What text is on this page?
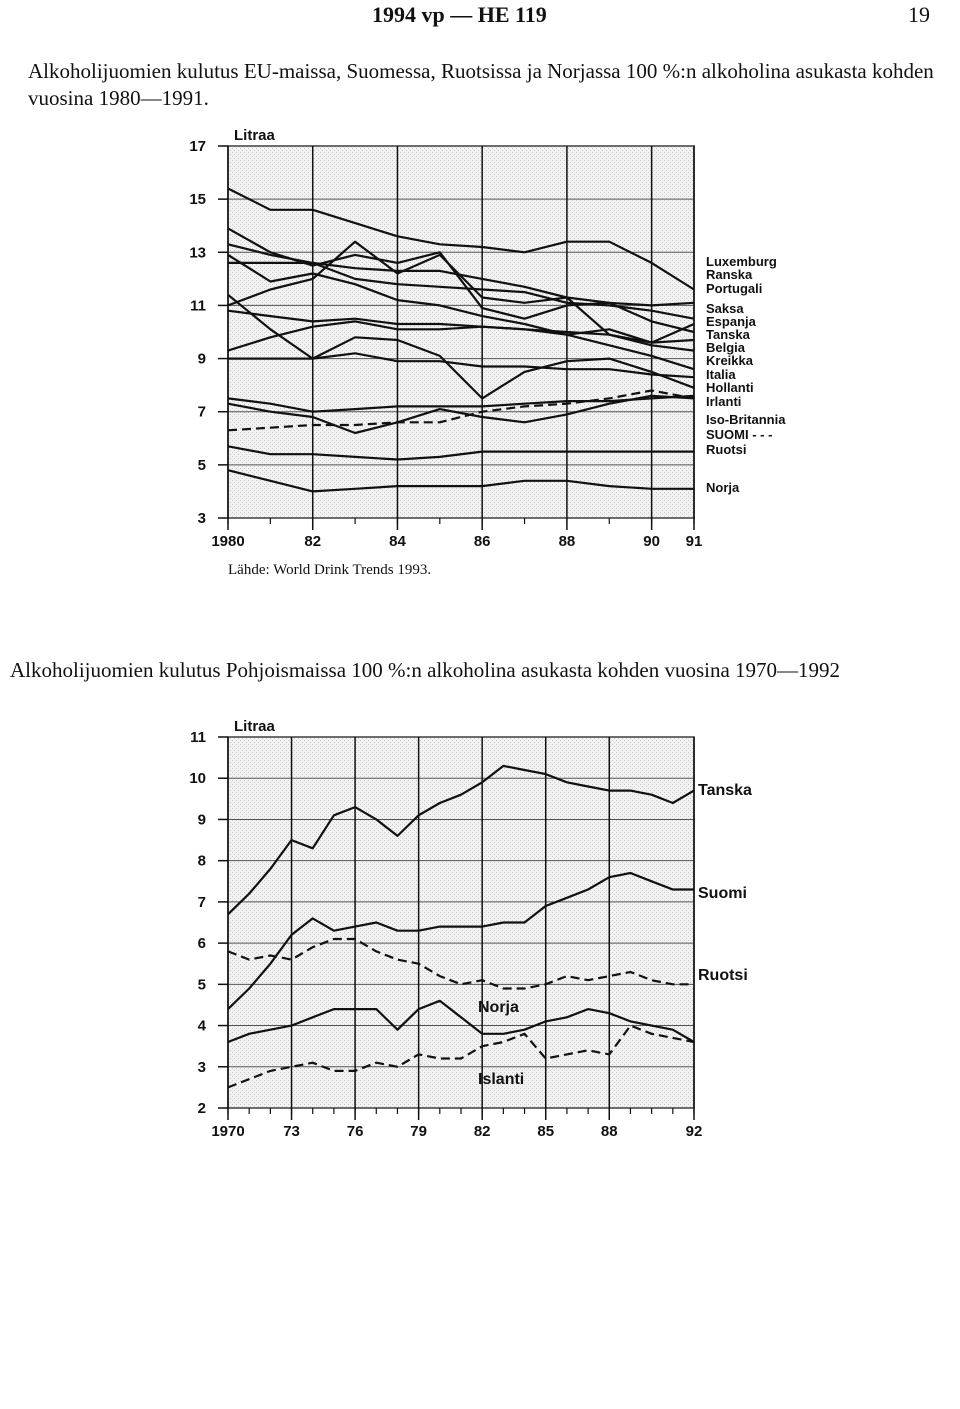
1994 vp — HE 119	19
Alkoholijuomien kulutus EU-maissa, Suomessa, Ruotsissa ja Norjassa 100 %:n alkoholina asukasta kohden vuosina 1980—1991.
3
5
7
9
11
13
15
17
1980	82	84	86	88	90 91
Litraa
Luxemburg
Ranska
Portugali
Saksa
Espanja
Tanska
Belgia
Kreikka
Italia
Hollanti
Irlanti
Iso-Britannia
SUOMI - - -
Ruotsi
Norja
Lähde: World Drink Trends 1993.
Alkoholijuomien kulutus Pohjoismaissa 100 %:n alkoholina asukasta kohden vuosina 1970—1992
2
3
4
5
6
7
8
9
10
11
1970	73	76	79	82	85	88	92
Litraa
Tanska
Suomi
Ruotsi
Norja
Islanti
